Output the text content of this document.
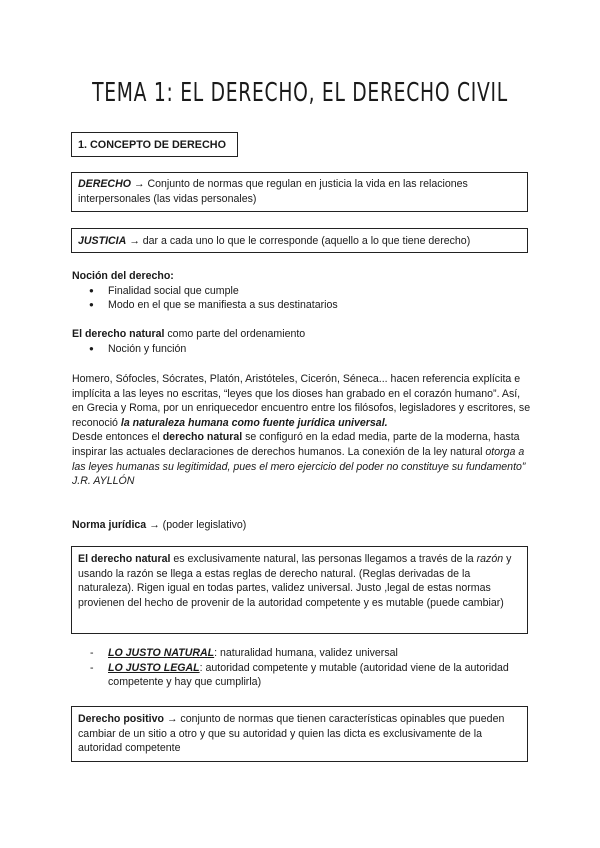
TEMA 1: EL DERECHO, EL DERECHO CIVIL
1. CONCEPTO DE DERECHO
DERECHO → Conjunto de normas que regulan en justicia la vida en las relaciones interpersonales (las vidas personales)
JUSTICIA → dar a cada uno lo que le corresponde (aquello a lo que tiene derecho)
Noción del derecho:
● Finalidad social que cumple
● Modo en el que se manifiesta a sus destinatarios
El derecho natural como parte del ordenamiento
● Noción y función
Homero, Sófocles, Sócrates, Platón, Aristóteles, Cicerón, Séneca... hacen referencia explícita e implícita a las leyes no escritas, “leyes que los dioses han grabado en el corazón humano”. Así, en Grecia y Roma, por un enriquecedor encuentro entre los filósofos, legisladores y escritores, se reconoció la naturaleza humana como fuente jurídica universal.
Desde entonces el derecho natural se configuró en la edad media, parte de la moderna, hasta inspirar las actuales declaraciones de derechos humanos. La conexión de la ley natural otorga a las leyes humanas su legitimidad, pues el mero ejercicio del poder no constituye su fundamento” J.R. AYLLÓN
Norma jurídica → (poder legislativo)
El derecho natural es exclusivamente natural, las personas llegamos a través de la razón y usando la razón se llega a estas reglas de derecho natural. (Reglas derivadas de la naturaleza). Rigen igual en todas partes, validez universal. Justo ,legal de estas normas provienen del hecho de provenir de la autoridad competente y es mutable (puede cambiar)
- LO JUSTO NATURAL: naturalidad humana, validez universal
- LO JUSTO LEGAL: autoridad competente y mutable (autoridad viene de la autoridad competente y hay que cumplirla)
Derecho positivo → conjunto de normas que tienen características opinables que pueden cambiar de un sitio a otro y que su autoridad y quien las dicta es exclusivamente de la autoridad competente
